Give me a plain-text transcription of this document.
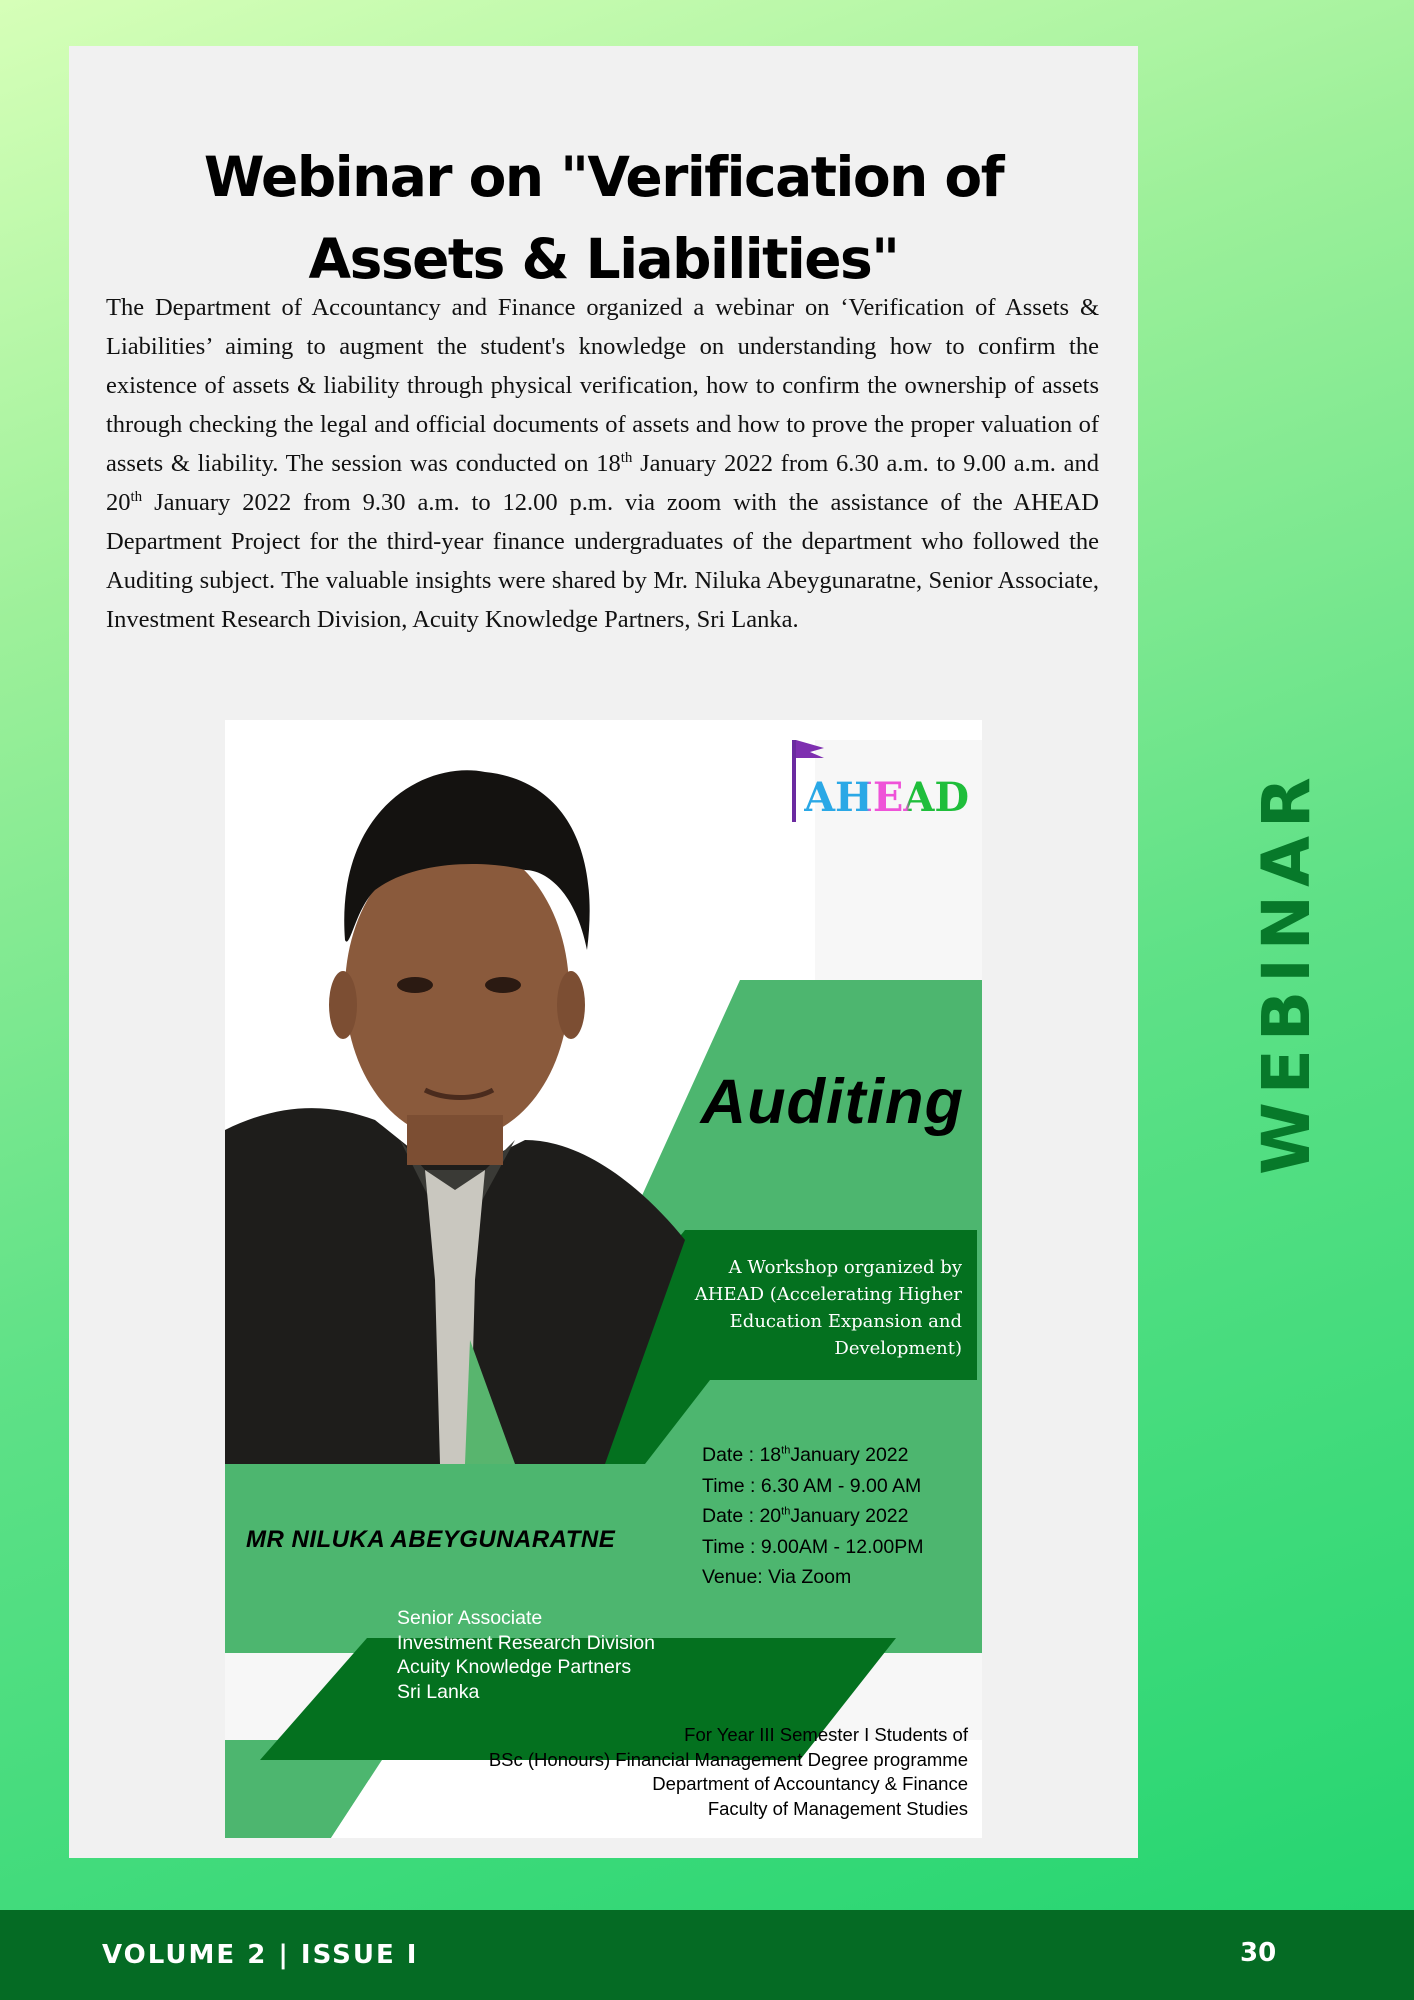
Webinar on "Verification of
Assets & Liabilities"

The Department of Accountancy and Finance organized a webinar on ‘Verification of Assets & Liabilities’ aiming to augment the student's knowledge on understanding how to confirm the existence of assets & liability through physical verification, how to confirm the ownership of assets through checking the legal and official documents of assets and how to prove the proper valuation of assets & liability. The session was conducted on 18th January 2022 from 6.30 a.m. to 9.00 a.m. and 20th January 2022 from 9.30 a.m. to 12.00 p.m. via zoom with the assistance of the AHEAD Department Project for the third-year finance undergraduates of the department who followed the Auditing subject. The valuable insights were shared by Mr. Niluka Abeygunaratne, Senior Associate, Investment Research Division, Acuity Knowledge Partners, Sri Lanka.

AHEAD
Auditing
A Workshop organized by
AHEAD (Accelerating Higher
Education Expansion and
Development)
Date : 18thJanuary 2022
Time : 6.30 AM - 9.00 AM
Date : 20thJanuary 2022
Time : 9.00AM - 12.00PM
Venue: Via Zoom
MR NILUKA ABEYGUNARATNE
Senior Associate
Investment Research Division
Acuity Knowledge Partners
Sri Lanka
For Year III Semester I Students of
BSc (Honours) Financial Management Degree programme
Department of Accountancy & Finance
Faculty of Management Studies
WEBINAR
VOLUME 2 | ISSUE I	30
